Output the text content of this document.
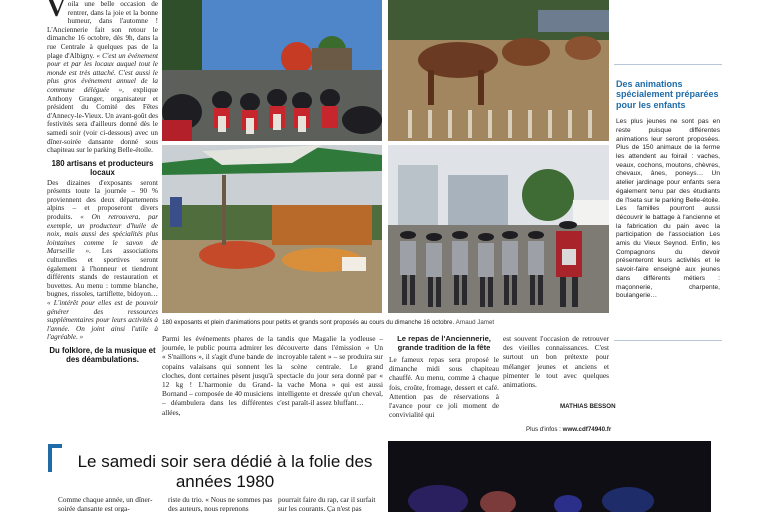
Voila une belle occasion de rentrer, dans la joie et la bonne humeur, dans l'automne ! L'Anciennerie fait son retour le dimanche 16 octobre, dès 9h, dans la rue Centrale à quelques pas de la plage d'Albigny. « C'est un événement pour et par les locaux auquel tout le monde est très attaché. C'est aussi le plus gros événement annuel de la commune déléguée », explique Anthony Granger, organisateur et président du Comité des Fêtes d'Annecy-le-Vieux. Un avant-goût des festivités sera d'ailleurs donné dès le samedi soir (voir ci-dessous) avec un dîner-soirée dansante donné sous chapiteau sur le parking Belle-étoile.

180 artisans et producteurs locaux

Des dizaines d'exposants seront présents toute la journée – 90 % proviennent des deux départements alpins – et proposeront divers produits. « On retrouvera, par exemple, un producteur d'huile de noix, mais aussi des spécialités plus lointaines comme le savon de Marseille ». Les associations culturelles et sportives seront également à l'honneur et tiendront différents stands de restauration et buvettes. Au menu : tomme blanche, bugnes, rissoles, tartiflette, bidoyon… « L'intérêt pour elles est de pouvoir générer des ressources supplémentaires pour leurs activités à l'année. On joint ainsi l'utile à l'agréable. »

Du folklore, de la musique et des déambulations.
180 exposants et plein d'animations pour petits et grands sont proposés au cours du dimanche 16 octobre. Arnaud Jamet
Parmi les événements phares de la journée, le public pourra admirer les « S'naillons », il s'agit d'une bande de copains valaisans qui sonnent les cloches, dont certaines pèsent jusqu'à 12 kg ! L'harmonie du Grand-Bornand – composée de 40 musiciens – déambulera dans les différentes allées,
tandis que Magalie la yodleuse – découverte dans l'émission « Un incroyable talent » – se produira sur la scène centrale. Le grand spectacle du jour sera donné par « la vache Mona » qui est aussi intelligente et dressée qu'un cheval, c'est paraît-il assez bluffant…
Le repas de l'Anciennerie, grande tradition de la fête
Le fameux repas sera proposé le dimanche midi sous chapiteau chauffé. Au menu, comme à chaque fois, croûte, fromage, dessert et café. Attention pas de réservations à l'avance pour ce joli moment de convivialité qui
est souvent l'occasion de retrouver des vieilles connaissances. C'est surtout un bon prétexte pour mélanger jeunes et anciens et pimenter le tout avec quelques animations.
MATHIAS BESSON
Plus d'infos : www.cdf74940.fr
Des animations spécialement préparées pour les enfants

Les plus jeunes ne sont pas en reste puisque différentes animations leur seront proposées. Plus de 150 animaux de la ferme les attendent au foirail : vaches, veaux, cochons, moutons, chèvres, chevaux, ânes, poneys… Un atelier jardinage pour enfants sera également tenu par des étudiants de l'Iseta sur le parking Belle-étoile. Les familles pourront aussi découvrir le battage à l'ancienne et la fabrication du pain avec la participation de l'association Les amis du Vieux Seynod. Enfin, les Compagnons du devoir présenteront leurs activités et le savoir-faire enseigné aux jeunes dans différents métiers : maçonnerie, charpente, boulangerie…

Le samedi soir sera dédié à la folie des années 1980
Comme chaque année, un dîner-soirée dansante est orga-
riste du trio. « Nous ne sommes pas des auteurs, nous reprenons
pourrait faire du rap, car il surfait sur les courants. Ça n'est pas
